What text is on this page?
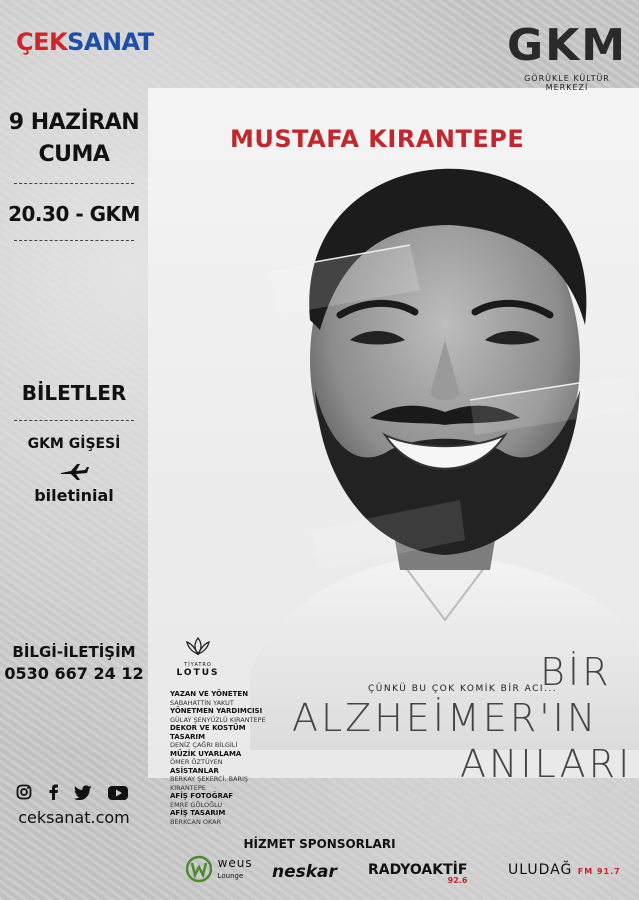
ÇEKSANAT	GKM
GÖRÜKLE KÜLTÜR MERKEZİ
9 HAZİRAN
CUMA
20.30 - GKM
BİLETLER
GKM GİŞESİ
biletinial
BİLGİ-İLETİŞİM
0530 667 24 12
ceksanat.com
MUSTAFA KIRANTEPE
TİYATRO
LOTUS
YAZAN VE YÖNETEN
SABAHATTİN YAKUT
YÖNETMEN YARDIMCISI
GÜLAY ŞENYÜZLÜ KIRANTEPE
DEKOR VE KOSTÜM TASARIM
DENİZ ÇAĞRI BİLGİLİ
MÜZİK UYARLAMA
ÖMER ÖZTÜYEN
ASİSTANLAR
BERKAY ŞEKERCİ, BARIŞ KIRANTEPE
AFİŞ FOTOĞRAF
EMRE GÖLOĞLU
AFİŞ TASARIM
BERKCAN OKAR
ÇÜNKÜ BU ÇOK KOMİK BİR ACI...
BİR
ALZHEİMER'IN
ANILARI
HİZMET SPONSORLARI
weus
Lounge	neskar RADYOAKTİF
92.6
ULUDAĞ FM 91.7
